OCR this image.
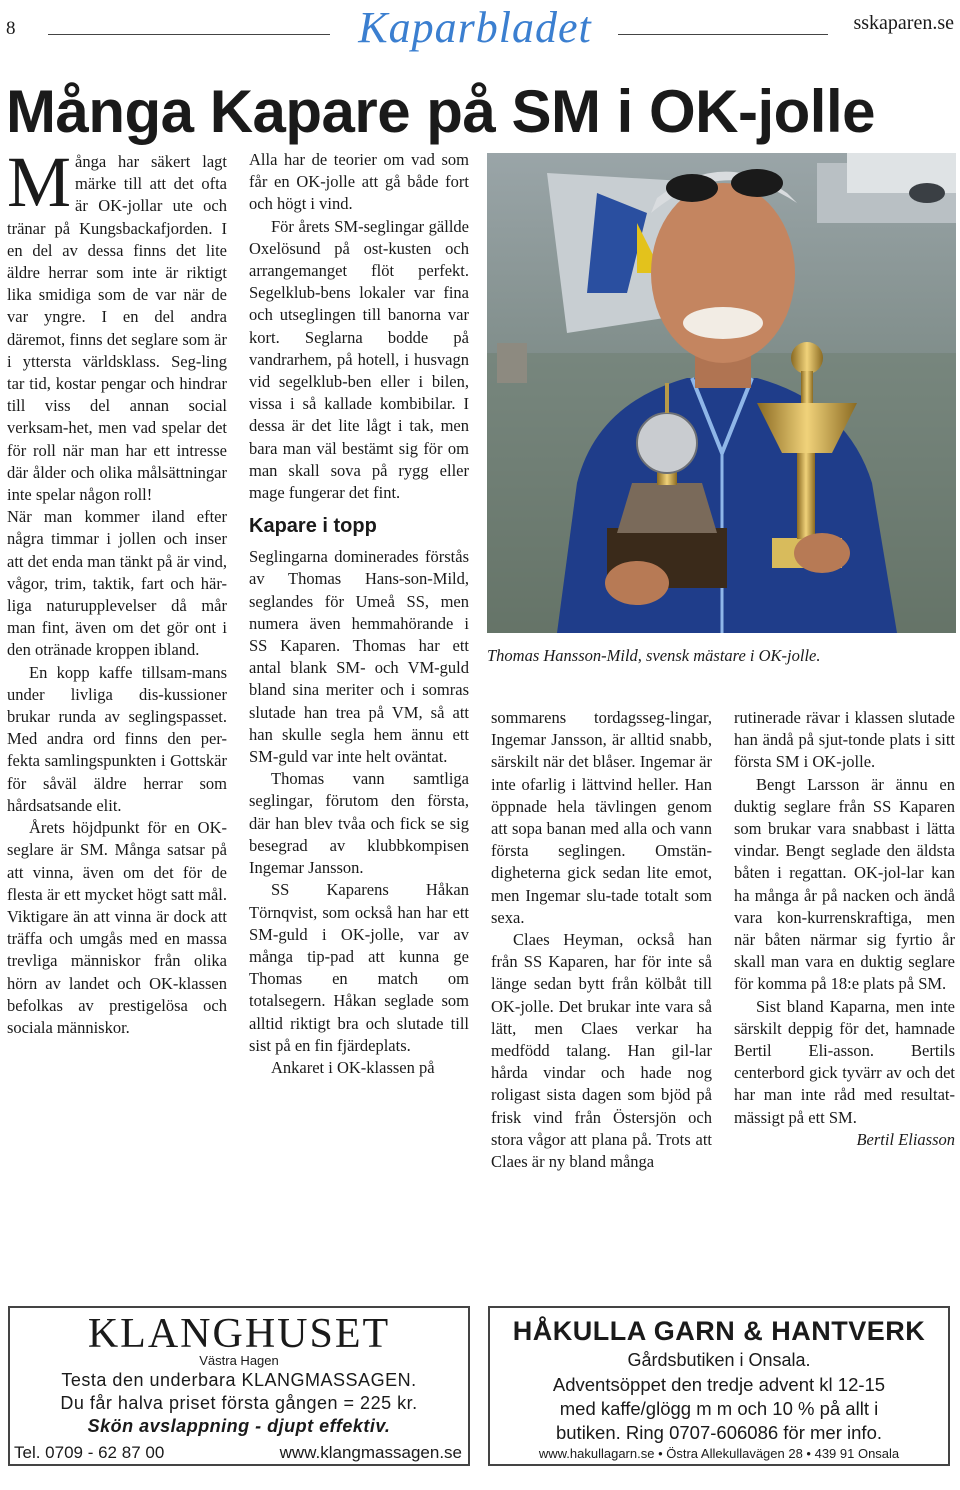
8	Kaparbladet	sskaparen.se
Många Kapare på SM i OK-jolle

Många har säkert lagt märke till att det ofta är OK-jollar ute och tränar på Kungsbackafjorden. I en del av dessa finns det lite äldre herrar som inte är riktigt lika smidiga som de var när de var yngre. I en del andra däremot, finns det seglare som är i yttersta världsklass. Seg-ling tar tid, kostar pengar och hindrar till viss del annan social verksam-het, men vad spelar det för roll när man har ett intresse där ålder och olika målsättningar inte spelar någon roll!

När man kommer iland efter några timmar i jollen och inser att det enda man tänkt på är vind, vågor, trim, taktik, fart och här-liga naturupplevelser då mår man fint, även om det gör ont i den otränade kroppen ibland.

En kopp kaffe tillsam-mans under livliga dis-kussioner brukar runda av seglingspasset. Med andra ord finns den per-fekta samlingspunkten i Gottskär för såväl äldre herrar som hårdsatsande elit.

Årets höjdpunkt för en OK-seglare är SM. Många satsar på att vinna, även om det för de flesta är ett mycket högt satt mål. Viktigare än att vinna är dock att träffa och umgås med en massa trevliga människor från olika hörn av landet och OK-klassen befolkas av prestigelösa och sociala människor.

Alla har de teorier om vad som får en OK-jolle att gå både fort och högt i vind.

För årets SM-seglingar gällde Oxelösund på ost-kusten och arrangemanget flöt perfekt. Segelklub-bens lokaler var fina och utseglingen till banorna var kort. Seglarna bodde på vandrarhem, på hotell, i husvagn vid segelklub-ben eller i bilen, vissa i så kallade kombibilar. I dessa är det lite lågt i tak, men bara man väl bestämt sig för om man skall sova på rygg eller mage fungerar det fint.

Kapare i topp

Seglingarna dominerades förstås av Thomas Hans-son-Mild, seglandes för Umeå SS, men numera även hemmahörande i SS Kaparen. Thomas har ett antal blank SM- och VM-guld bland sina meriter och i somras slutade han trea på VM, så att han skulle segla hem ännu ett SM-guld var inte helt oväntat.

Thomas vann samtliga seglingar, förutom den första, där han blev tvåa och fick se sig besegrad av klubbkompisen Ingemar Jansson.

SS Kaparens Håkan Törnqvist, som också han har ett SM-guld i OK-jolle, var av många tip-pad att kunna ge Thomas en match om totalsegern. Håkan seglade som alltid riktigt bra och slutade till sist på en fin fjärdeplats.

Ankaret i OK-klassen på

Thomas Hansson-Mild, svensk mästare i OK-jolle.

sommarens tordagsseg-lingar, Ingemar Jansson, är alltid snabb, särskilt när det blåser. Ingemar är inte ofarlig i lättvind heller. Han öppnade hela tävlingen genom att sopa banan med alla och vann första seglingen. Omstän-digheterna gick sedan lite emot, men Ingemar slu-tade totalt som sexa.

Claes Heyman, också han från SS Kaparen, har för inte så länge sedan bytt från kölbåt till OK-jolle. Det brukar inte vara så lätt, men Claes verkar ha medfödd talang. Han gil-lar hårda vindar och hade nog roligast sista dagen som bjöd på frisk vind från Östersjön och stora vågor att plana på. Trots att Claes är ny bland många

rutinerade rävar i klassen slutade han ändå på sjut-tonde plats i sitt första SM i OK-jolle.

Bengt Larsson är ännu en duktig seglare från SS Kaparen som brukar vara snabbast i lätta vindar. Bengt seglade den äldsta båten i regattan. OK-jol-lar kan ha många år på nacken och ändå vara kon-kurrenskraftiga, men när båten närmar sig fyrtio år skall man vara en duktig seglare för komma på 18:e plats på SM.

Sist bland Kaparna, men inte särskilt deppig för det, hamnade Bertil Eli-asson. Bertils centerbord gick tyvärr av och det har man inte råd med resultat-mässigt på ett SM.

Bertil Eliasson

KLANGHUSET
Västra Hagen
Testa den underbara KLANGMASSAGEN.
Du får halva priset första gången = 225 kr.
Skön avslappning - djupt effektiv.
Tel. 0709 - 62 87 00	www.klangmassagen.se
HÅKULLA GARN & HANTVERK
Gårdsbutiken i Onsala.
Adventsöppet den tredje advent kl 12-15
med kaffe/glögg m m och 10 % på allt i
butiken. Ring 0707-606086 för mer info.
www.hakullagarn.se • Östra Allekullavägen 28 • 439 91 Onsala
